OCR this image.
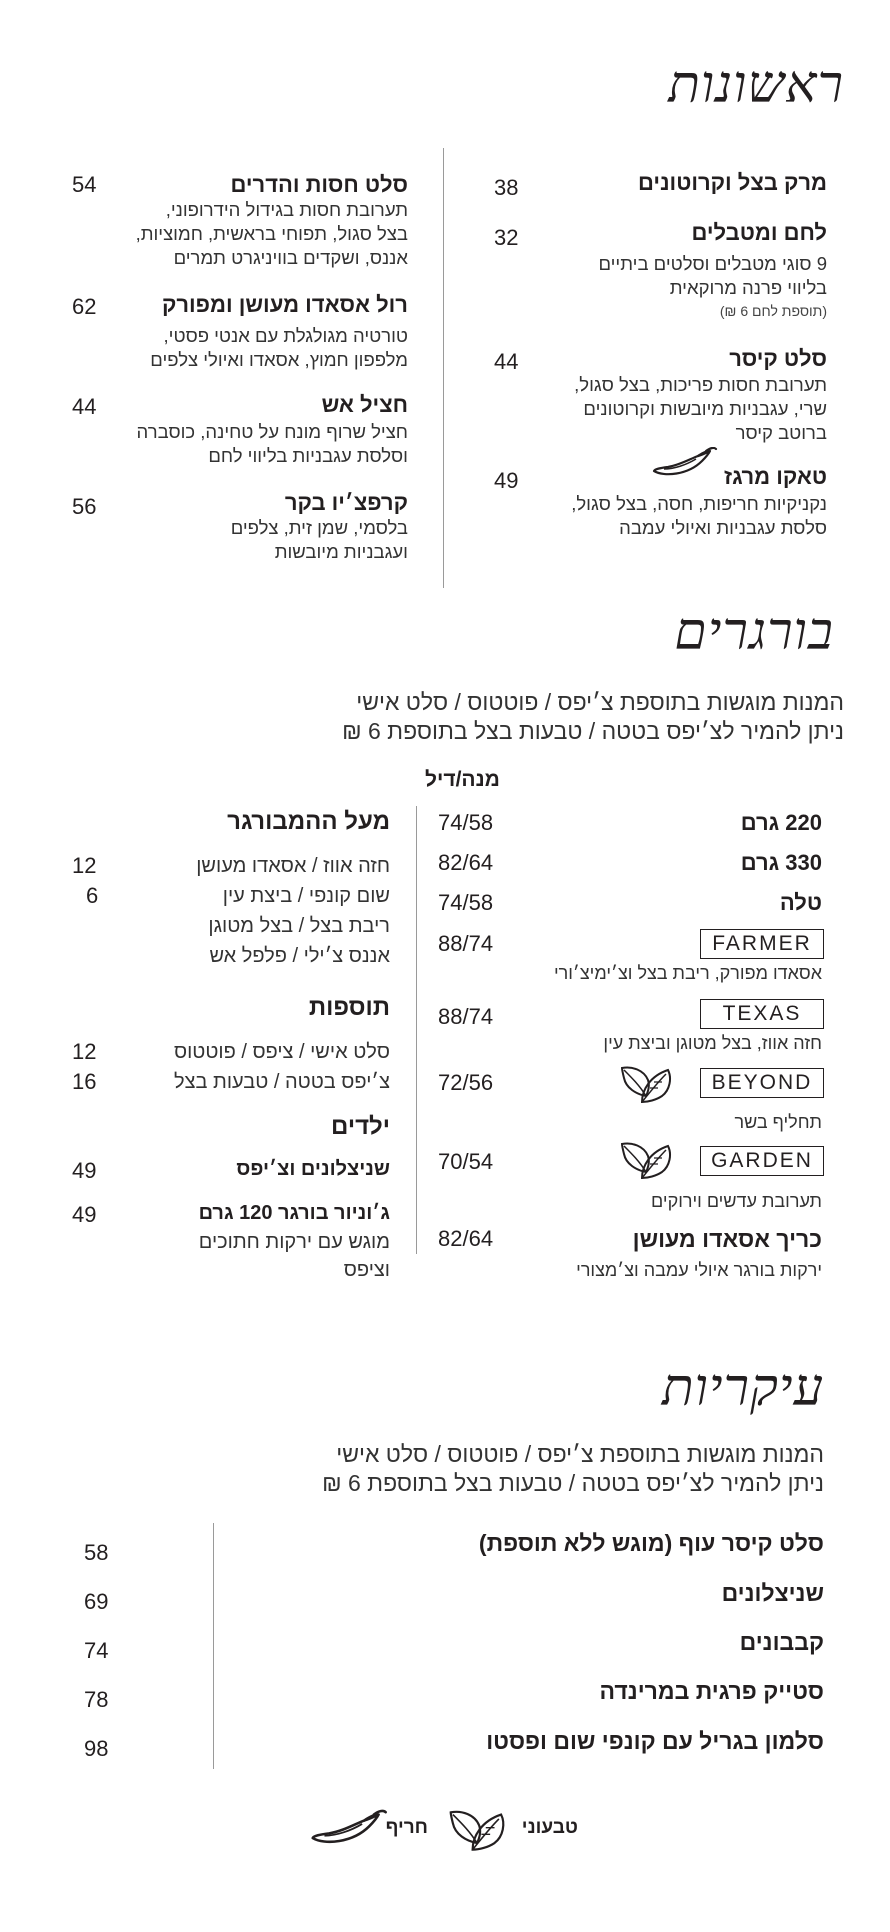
ראשונות
מרק בצל וקרוטונים
38
לחם ומטבלים
32
9 סוגי מטבלים וסלטים ביתיים
בליווי פרנה מרוקאית
(תוספת לחם 6 ₪)
סלט קיסר
44
תערובת חסות פריכות, בצל סגול,
שרי, עגבניות מיובשות וקרוטונים
ברוטב קיסר
טאקו מרגז
49
נקניקיות חריפות, חסה, בצל סגול,
סלסת עגבניות ואיולי עמבה
סלט חסות והדרים
54
תערובת חסות בגידול הידרופוני,
בצל סגול, תפוחי בראשית, חמוציות,
אננס, ושקדים בוויניגרט תמרים
רול אסאדו מעושן ומפורק
62
טורטיה מגולגלת עם אנטי פסטי,
מלפפון חמוץ, אסאדו ואיולי צלפים
חציל אש
44
חציל שרוף מונח על טחינה, כוסברה
וסלסת עגבניות בליווי לחם
קרפצ׳יו בקר
56
בלסמי, שמן זית, צלפים
ועגבניות מיובשות
בורגרים
המנות מוגשות בתוספת צ׳יפס / פוטטוס / סלט אישי
ניתן להמיר לצ׳יפס בטטה / טבעות בצל בתוספת 6 ₪
מנה/דיל
220 גרם
74/58
330 גרם
82/64
טלה
74/58
FARMER
88/74
אסאדו מפורק, ריבת בצל וצ׳ימיצ׳ורי
TEXAS
88/74
חזה אווז, בצל מטוגן וביצת עין
BEYOND
72/56
תחליף בשר
GARDEN
70/54
תערובת עדשים וירוקים
כריך אסאדו מעושן
82/64
ירקות בורגר איולי עמבה וצ׳מצורי
מעל ההמבורגר
חזה אווז / אסאדו מעושן
שום קונפי / ביצת עין
ריבת בצל / בצל מטוגן
אננס צ׳ילי / פלפל אש
12
6
תוספות
סלט אישי / ציפס / פוטטוס
צ׳יפס בטטה / טבעות בצל
12
16
ילדים
שניצלונים וצ׳יפס
49
ג׳וניור בורגר 120 גרם
49
מוגש עם ירקות חתוכים
וציפס
עיקריות
המנות מוגשות בתוספת צ׳יפס / פוטטוס / סלט אישי
ניתן להמיר לצ׳יפס בטטה / טבעות בצל בתוספת 6 ₪
סלט קיסר עוף (מוגש ללא תוספת)
58
שניצלונים
69
קבבונים
74
סטייק פרגית במרינדה
78
סלמון בגריל עם קונפי שום ופסטו
98
טבעוני
חריף
